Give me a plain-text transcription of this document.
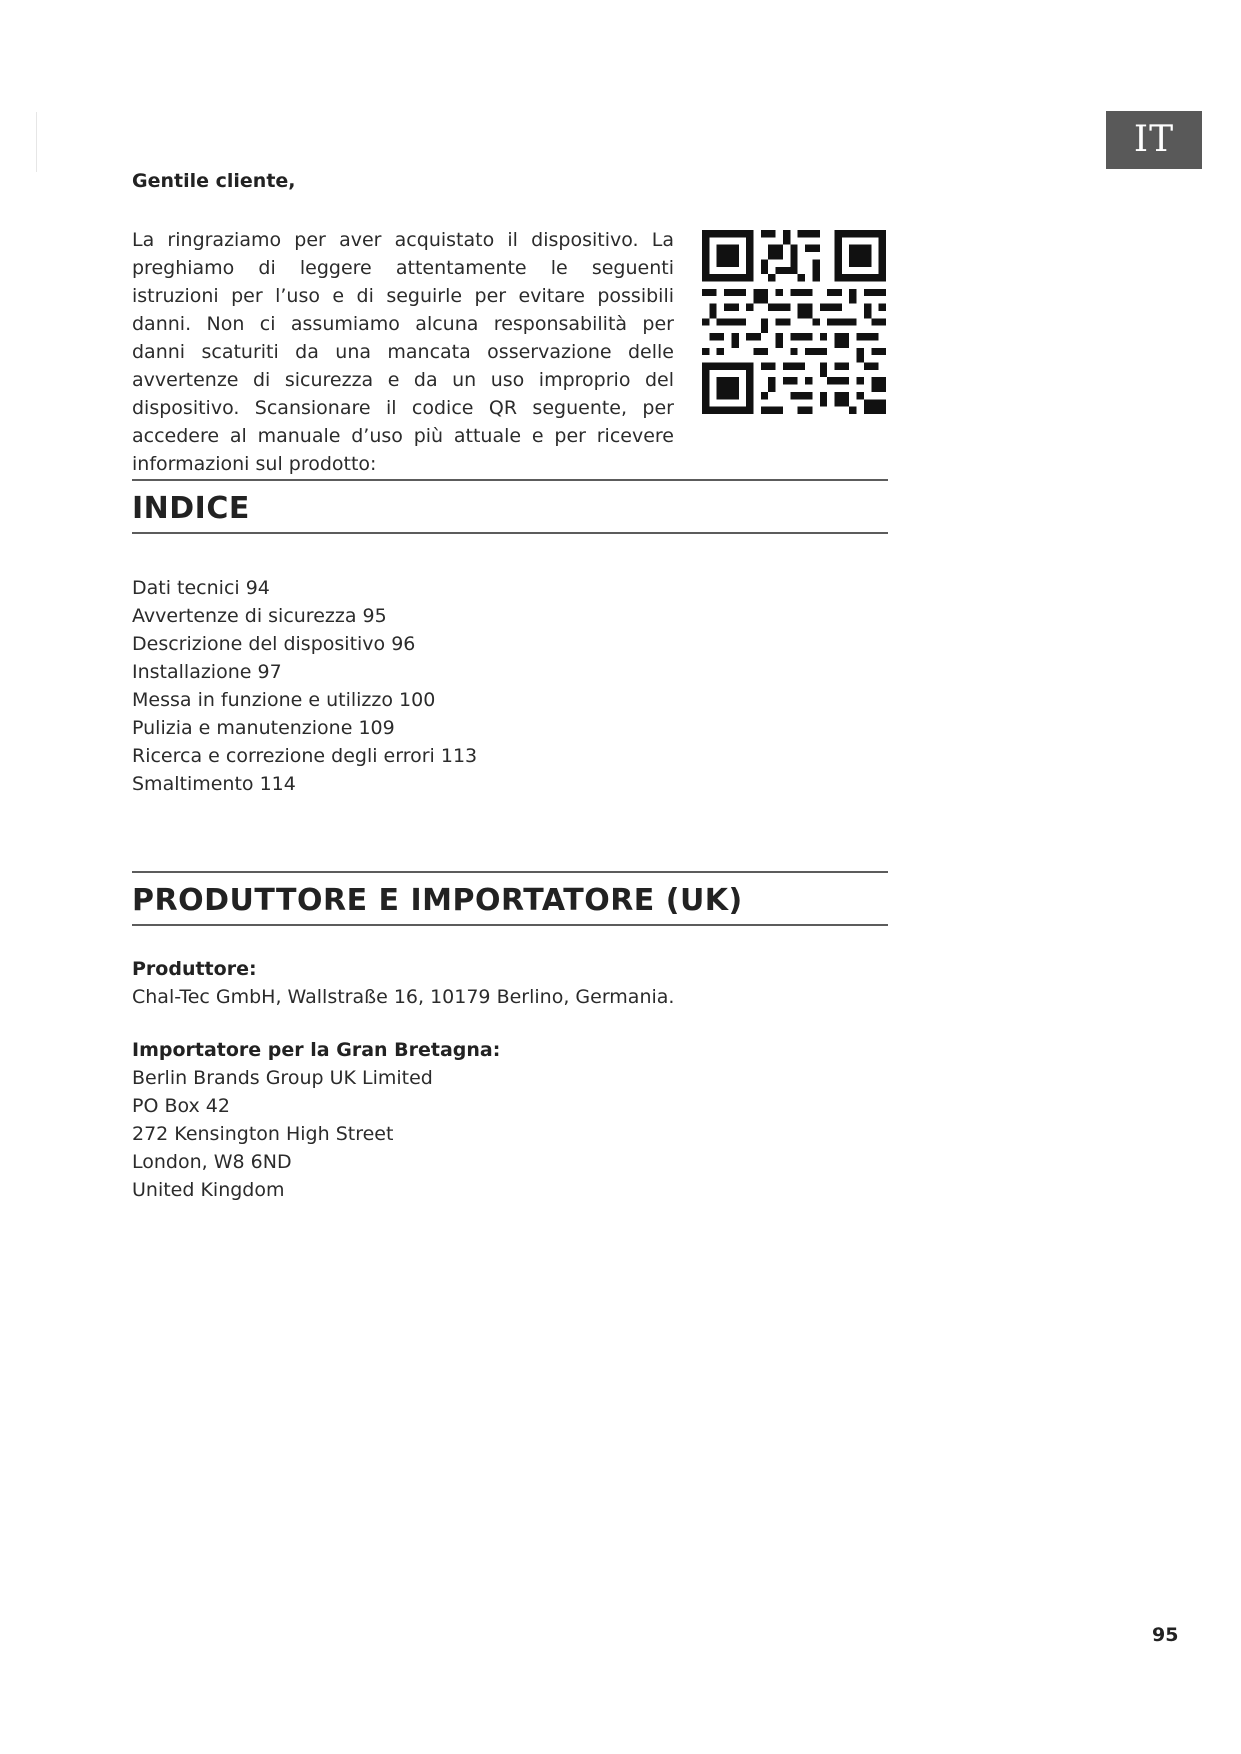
IT

Gentile cliente,

La ringraziamo per aver acquistato il dispositivo. La preghiamo di leggere attentamente le seguenti istruzioni per l’uso e di seguirle per evitare possibili danni. Non ci assumiamo alcuna responsabilità per danni scaturiti da una mancata osservazione delle avvertenze di sicurezza e da un uso improprio del dispositivo. Scansionare il codice QR seguente, per accedere al manuale d’uso più attuale e per ricevere informazioni sul prodotto:

INDICE
Dati tecnici 94
Avvertenze di sicurezza 95
Descrizione del dispositivo 96
Installazione 97
Messa in funzione e utilizzo 100
Pulizia e manutenzione 109
Ricerca e correzione degli errori 113
Smaltimento 114
PRODUTTORE E IMPORTATORE (UK)

Produttore:

Chal-Tec GmbH, Wallstraße 16, 10179 Berlino, Germania.

Importatore per la Gran Bretagna:

Berlin Brands Group UK Limited

PO Box 42

272 Kensington High Street

London, W8 6ND

United Kingdom

95
